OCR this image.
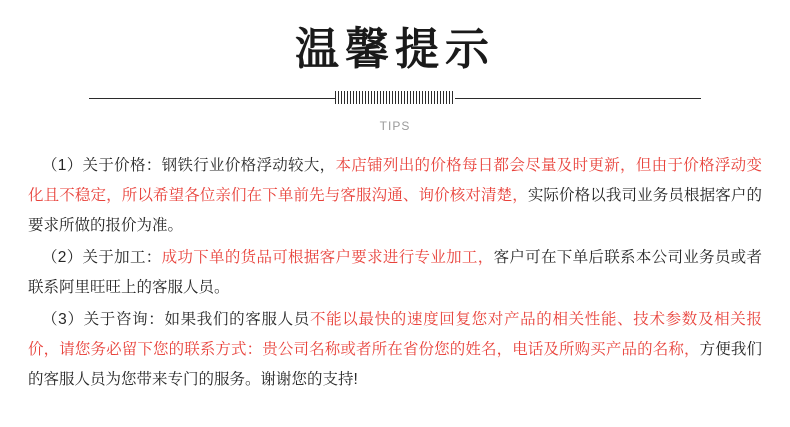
温馨提示
TIPS

（1）关于价格：钢铁行业价格浮动较大，本店铺列出的价格每日都会尽量及时更新，但由于价格浮动变化且不稳定，所以希望各位亲们在下单前先与客服沟通、询价核对清楚，实际价格以我司业务员根据客户的要求所做的报价为准。

（2）关于加工：成功下单的货品可根据客户要求进行专业加工，客户可在下单后联系本公司业务员或者联系阿里旺旺上的客服人员。

（3）关于咨询：如果我们的客服人员不能以最快的速度回复您对产品的相关性能、技术参数及相关报价，请您务必留下您的联系方式：贵公司名称或者所在省份您的姓名，电话及所购买产品的名称，方便我们的客服人员为您带来专门的服务。谢谢您的支持!
